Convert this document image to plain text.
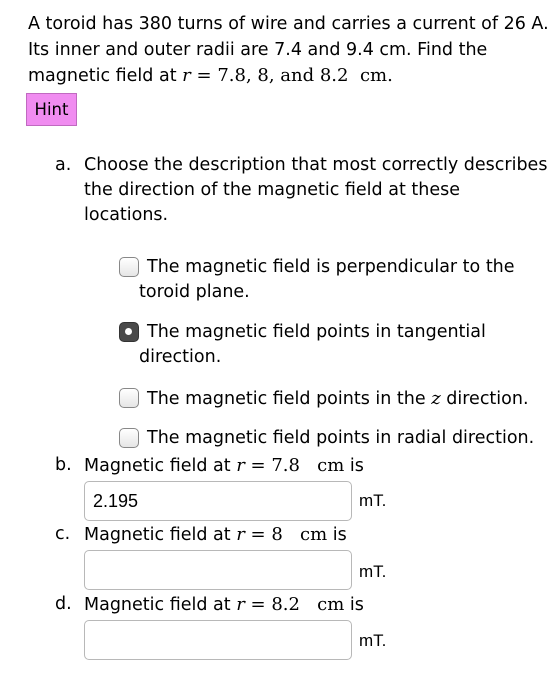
A toroid has 380 turns of wire and carries a current of 26 A.

Its inner and outer radii are 7.4 and 9.4 cm. Find the

magnetic field at r = 7.8, 8, and 8.2 cm.

Hint
a. Choose the description that most correctly describes
the direction of the magnetic field at these
locations.
The magnetic field is perpendicular to the
toroid plane.
The magnetic field points in tangential
direction.
The magnetic field points in the z direction.
The magnetic field points in radial direction.
b. Magnetic field at r = 7.8 cm is
2.195
mT.
c. Magnetic field at r = 8 cm is
mT.
d. Magnetic field at r = 8.2 cm is
mT.
